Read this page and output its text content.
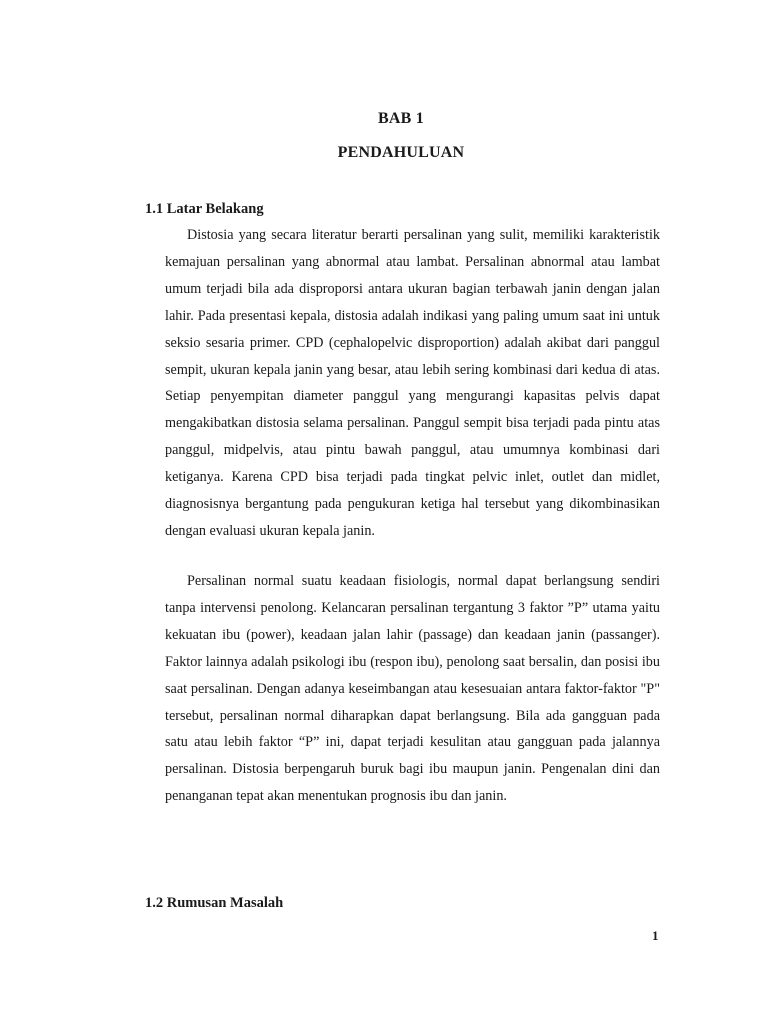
BAB 1
PENDAHULUAN
1.1 Latar Belakang

Distosia yang secara literatur berarti persalinan yang sulit, memiliki karakteristik kemajuan persalinan yang abnormal atau lambat. Persalinan abnormal atau lambat umum terjadi bila ada disproporsi antara ukuran bagian terbawah janin dengan jalan lahir. Pada presentasi kepala, distosia adalah indikasi yang paling umum saat ini untuk seksio sesaria primer. CPD (cephalopelvic disproportion) adalah akibat dari panggul sempit, ukuran kepala janin yang besar, atau lebih sering kombinasi dari kedua di atas. Setiap penyempitan diameter panggul yang mengurangi kapasitas pelvis dapat mengakibatkan distosia selama persalinan. Panggul sempit bisa terjadi pada pintu atas panggul, midpelvis, atau pintu bawah panggul, atau umumnya kombinasi dari ketiganya. Karena CPD bisa terjadi pada tingkat pelvic inlet, outlet dan midlet, diagnosisnya bergantung pada pengukuran ketiga hal tersebut yang dikombinasikan dengan evaluasi ukuran kepala janin.

Persalinan normal suatu keadaan fisiologis, normal dapat berlangsung sendiri tanpa intervensi penolong. Kelancaran persalinan tergantung 3 faktor ”P” utama yaitu kekuatan ibu (power), keadaan jalan lahir (passage) dan keadaan janin (passanger). Faktor lainnya adalah psikologi ibu (respon ibu), penolong saat bersalin, dan posisi ibu saat persalinan. Dengan adanya keseimbangan atau kesesuaian antara faktor-faktor "P" tersebut, persalinan normal diharapkan dapat berlangsung. Bila ada gangguan pada satu atau lebih faktor “P” ini, dapat terjadi kesulitan atau gangguan pada jalannya persalinan. Distosia berpengaruh buruk bagi ibu maupun janin. Pengenalan dini dan penanganan tepat akan menentukan prognosis ibu dan janin.

1.2 Rumusan Masalah
1
